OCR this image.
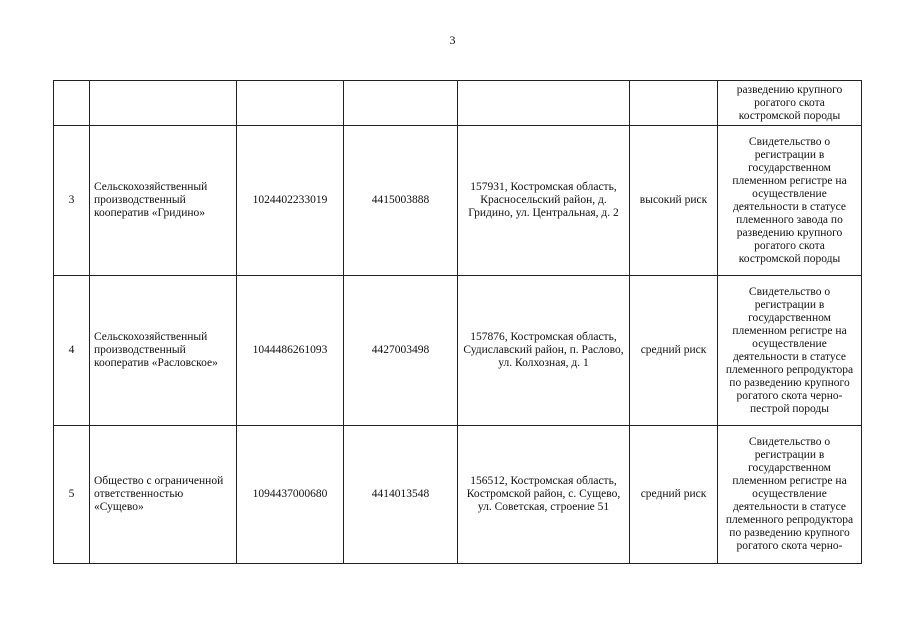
3

						разведению крупного рогатого скота костромской породы

3	Сельскохозяйственный производственный кооператив «Гридино»	1024402233019	4415003888	157931, Костромская область, Красносельский район, д. Гридино, ул. Центральная, д. 2	высокий риск	Свидетельство о регистрации в государственном племенном регистре на осуществление деятельности в статусе племенного завода по разведению крупного рогатого скота костромской породы

4	Сельскохозяйственный производственный кооператив «Расловское»	1044486261093	4427003498	157876, Костромская область, Судиславский район, п. Раслово, ул. Колхозная, д. 1	средний риск	Свидетельство о регистрации в государственном племенном регистре на осуществление деятельности в статусе племенного репродуктора по разведению крупного рогатого скота черно-пестрой породы

5	Общество с ограниченной ответственностью «Сущево»	1094437000680	4414013548	156512, Костромская область, Костромской район, с. Сущево, ул. Советская, строение 51	средний риск	Свидетельство о регистрации в государственном племенном регистре на осуществление деятельности в статусе племенного репродуктора по разведению крупного рогатого скота черно-
